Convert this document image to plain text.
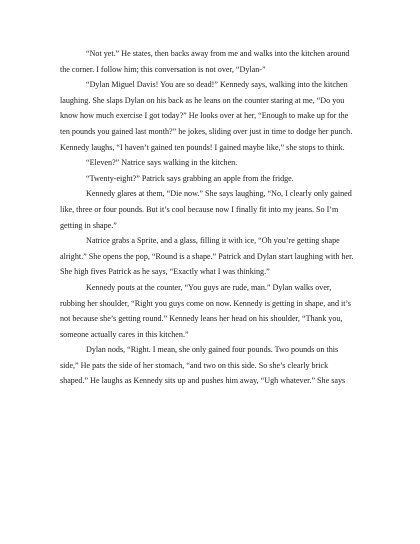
“Not yet.” He states, then backs away from me and walks into the kitchen around
the corner. I follow him; this conversation is not over, “Dylan-”
“Dylan Miguel Davis! You are so dead!” Kennedy says, walking into the kitchen
laughing. She slaps Dylan on his back as he leans on the counter staring at me, “Do you
know how much exercise I got today?” He looks over at her, “Enough to make up for the
ten pounds you gained last month?” he jokes, sliding over just in time to dodge her punch.
Kennedy laughs, “I haven’t gained ten pounds! I gained maybe like,” she stops to think.
“Eleven?” Natrice says walking in the kitchen.
“Twenty-eight?” Patrick says grabbing an apple from the fridge.
Kennedy glares at them, “Die now.” She says laughing, “No, I clearly only gained
like, three or four pounds. But it’s cool because now I finally fit into my jeans. So I’m
getting in shape.”
Natrice grabs a Sprite, and a glass, filling it with ice, “Oh you’re getting shape
alright.” She opens the pop, “Round is a shape.” Patrick and Dylan start laughing with her.
She high fives Patrick as he says, “Exactly what I was thinking.”
Kennedy pouts at the counter, “You guys are rude, man.” Dylan walks over,
rubbing her shoulder, “Right you guys come on now. Kennedy is getting in shape, and it’s
not because she’s getting round.” Kennedy leans her head on his shoulder, “Thank you,
someone actually cares in this kitchen.”
Dylan nods, “Right. I mean, she only gained four pounds. Two pounds on this
side,” He pats the side of her stomach, “and two on this side. So she’s clearly brick
shaped.” He laughs as Kennedy sits up and pushes him away, “Ugh whatever.” She says
